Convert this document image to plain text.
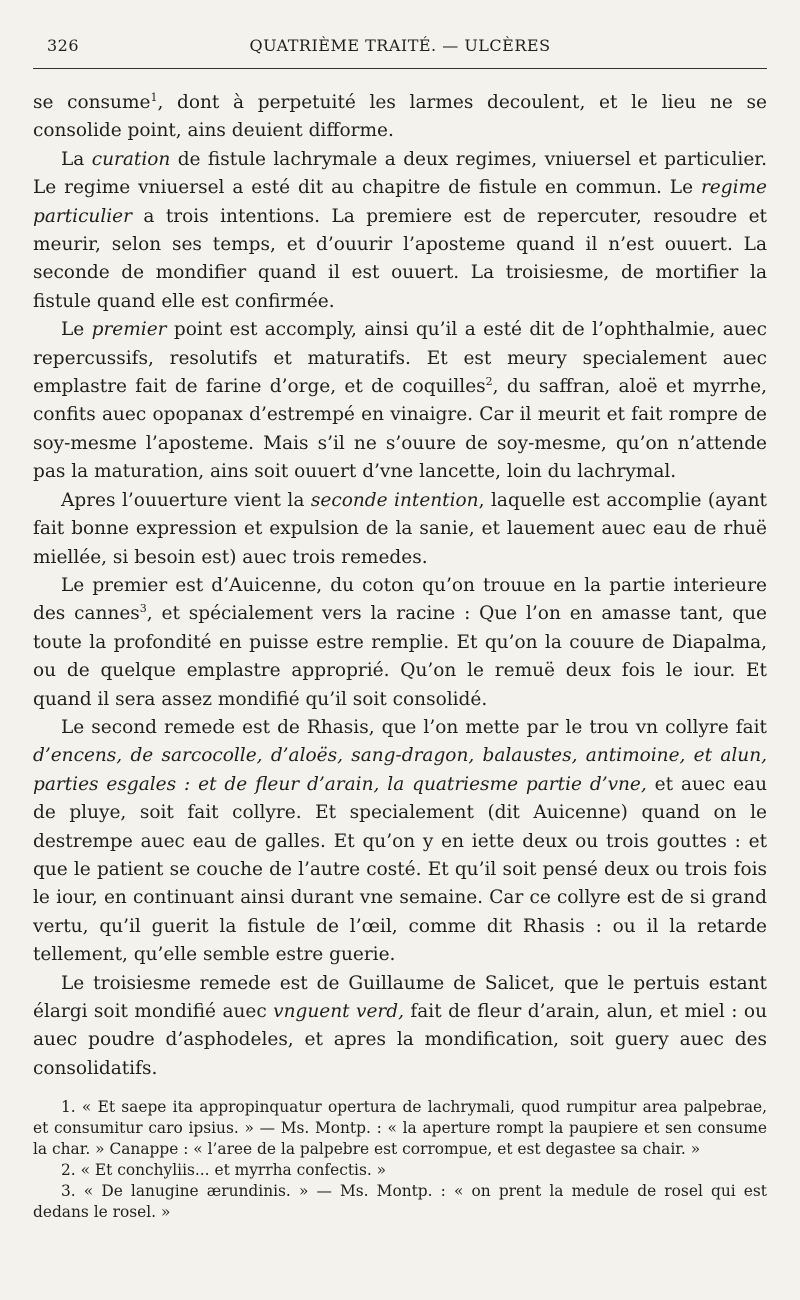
326	QUATRIÈME TRAITÉ. — ULCÈRES

se consume$^1$, dont à perpetuité les larmes decoulent, et le lieu ne se consolide point, ains deuient difforme.

La curation de fistule lachrymale a deux regimes, vniuersel et particulier. Le regime vniuersel a esté dit au chapitre de fistule en commun. Le regime particulier a trois intentions. La premiere est de repercuter, resoudre et meurir, selon ses temps, et d’ouurir l’aposteme quand il n’est ouuert. La seconde de mondifier quand il est ouuert. La troisiesme, de mortifier la fistule quand elle est confirmée.

Le premier point est accomply, ainsi qu’il a esté dit de l’ophthalmie, auec repercussifs, resolutifs et maturatifs. Et est meury specialement auec emplastre fait de farine d’orge, et de coquilles$^2$, du saffran, aloë et myrrhe, confits auec opopanax d’estrempé en vinaigre. Car il meurit et fait rompre de soy-mesme l’aposteme. Mais s’il ne s’ouure de soy-mesme, qu’on n’attende pas la maturation, ains soit ouuert d’vne lancette, loin du lachrymal.

Apres l’ouuerture vient la seconde intention, laquelle est accomplie (ayant fait bonne expression et expulsion de la sanie, et lauement auec eau de rhuë miellée, si besoin est) auec trois remedes.

Le premier est d’Auicenne, du coton qu’on trouue en la partie interieure des cannes$^3$, et spécialement vers la racine : Que l’on en amasse tant, que toute la profondité en puisse estre remplie. Et qu’on la couure de Diapalma, ou de quelque emplastre approprié. Qu’on le remuë deux fois le iour. Et quand il sera assez mondifié qu’il soit consolidé.

Le second remede est de Rhasis, que l’on mette par le trou vn collyre fait d’encens, de sarcocolle, d’aloës, sang-dragon, balaustes, antimoine, et alun, parties esgales : et de fleur d’arain, la quatriesme partie d’vne, et auec eau de pluye, soit fait collyre. Et specialement (dit Auicenne) quand on le destrempe auec eau de galles. Et qu’on y en iette deux ou trois gouttes : et que le patient se couche de l’autre costé. Et qu’il soit pensé deux ou trois fois le iour, en continuant ainsi durant vne semaine. Car ce collyre est de si grand vertu, qu’il guerit la fistule de l’œil, comme dit Rhasis : ou il la retarde tellement, qu’elle semble estre guerie.

Le troisiesme remede est de Guillaume de Salicet, que le pertuis estant élargi soit mondifié auec vnguent verd, fait de fleur d’arain, alun, et miel : ou auec poudre d’asphodeles, et apres la mondification, soit guery auec des consolidatifs.

1. « Et saepe ita appropinquatur opertura de lachrymali, quod rumpitur area palpebrae, et consumitur caro ipsius. » — Ms. Montp. : « la aperture rompt la paupiere et sen consume la char. » Canappe : « l’aree de la palpebre est corrompue, et est degastee sa chair. »

2. « Et conchyliis... et myrrha confectis. »

3. « De lanugine ærundinis. » — Ms. Montp. : « on prent la medule de rosel qui est dedans le rosel. »
